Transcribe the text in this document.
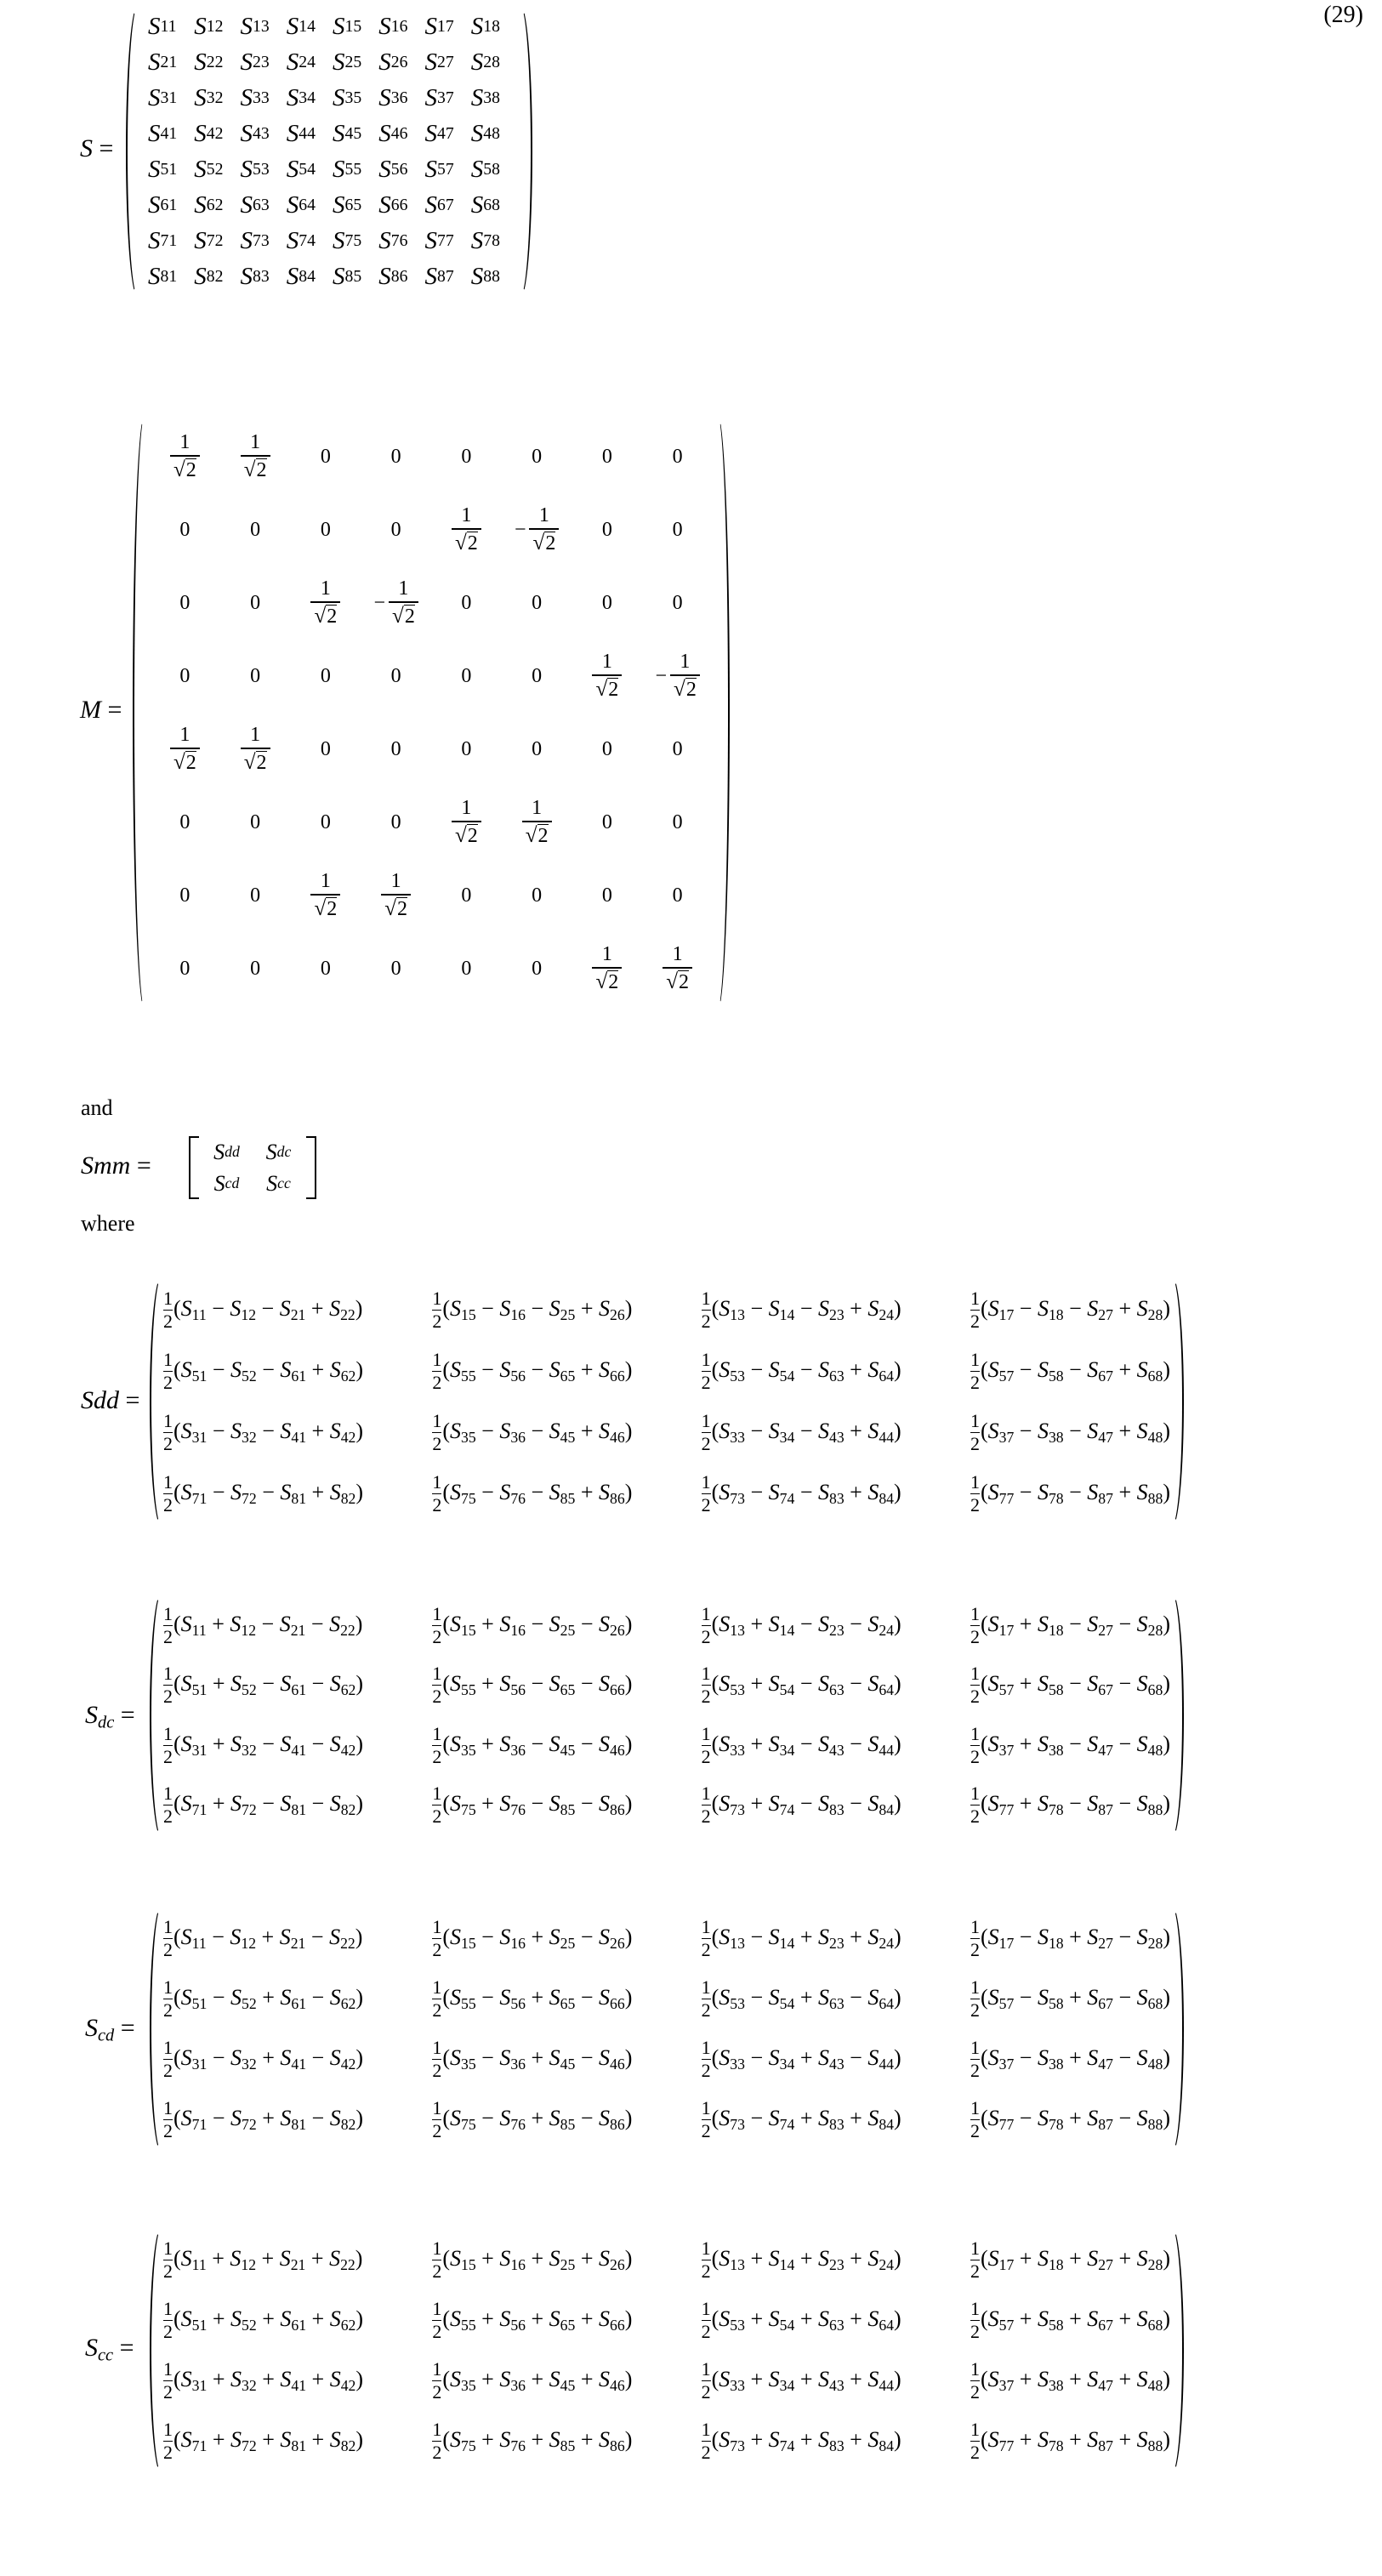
(29)
S =
S 11 S 12 S 13 S 14 S 15 S 16 S 17 S 18
S 21 S 22 S 23 S 24 S 25 S 26 S 27 S 28
S 31 S 32 S 33 S 34 S 35 S 36 S 37 S 38
S 41 S 42 S 43 S 44 S 45 S 46 S 47 S 48
S 51 S 52 S 53 S 54 S 55 S 56 S 57 S 58
S 61 S 62 S 63 S 64 S 65 S 66 S 67 S 68
S 71 S 72 S 73 S 74 S 75 S 76 S 77 S 78
S 81 S 82 S 83 S 84 S 85 S 86 S 87 S 88
M =
1
√2
1
√2
0	0	0	0	0	0
0	0	0	0
1
√2
−
1
√2
0	0
0	0
1
√2
−
1
√2
0	0	0	0
0	0	0	0	0	0
1
√2
−
1
√2
1
√2
1
√2
0	0	0	0	0	0
0	0	0	0
1
√2
1
√2
0	0
0	0
1
√2
1
√2
0	0	0	0
0	0	0	0	0	0
1
√2
1
√2
and
Smm =	S dd S dc
S cd S cc
where
Sdd =
1
2
(S11 − S12 − S21 + S22)	1
2
(S15 − S16 − S25 + S26)	1
2
(S13 − S14 − S23 + S24)	1
2
(S17 − S18 − S27 + S28)
1
2
(S51 − S52 − S61 + S62)	1
2
(S55 − S56 − S65 + S66)	1
2
(S53 − S54 − S63 + S64)	1
2
(S57 − S58 − S67 + S68)
1
2
(S31 − S32 − S41 + S42)	1
2
(S35 − S36 − S45 + S46)	1
2
(S33 − S34 − S43 + S44)	1
2
(S37 − S38 − S47 + S48)
1
2
(S71 − S72 − S81 + S82)	1
2
(S75 − S76 − S85 + S86)	1
2
(S73 − S74 − S83 + S84)	1
2
(S77 − S78 − S87 + S88)
Sdc =
1
2
(S11 + S12 − S21 − S22)	1
2
(S15 + S16 − S25 − S26)	1
2
(S13 + S14 − S23 − S24)	1
2
(S17 + S18 − S27 − S28)
1
2
(S51 + S52 − S61 − S62)	1
2
(S55 + S56 − S65 − S66)	1
2
(S53 + S54 − S63 − S64)	1
2
(S57 + S58 − S67 − S68)
1
2
(S31 + S32 − S41 − S42)	1
2
(S35 + S36 − S45 − S46)	1
2
(S33 + S34 − S43 − S44)	1
2
(S37 + S38 − S47 − S48)
1
2
(S71 + S72 − S81 − S82)	1
2
(S75 + S76 − S85 − S86)	1
2
(S73 + S74 − S83 − S84)	1
2
(S77 + S78 − S87 − S88)
Scd =
1
2
(S11 − S12 + S21 − S22)	1
2
(S15 − S16 + S25 − S26)	1
2
(S13 − S14 + S23 + S24)	1
2
(S17 − S18 + S27 − S28)
1
2
(S51 − S52 + S61 − S62)	1
2
(S55 − S56 + S65 − S66)	1
2
(S53 − S54 + S63 − S64)	1
2
(S57 − S58 + S67 − S68)
1
2
(S31 − S32 + S41 − S42)	1
2
(S35 − S36 + S45 − S46)	1
2
(S33 − S34 + S43 − S44)	1
2
(S37 − S38 + S47 − S48)
1
2
(S71 − S72 + S81 − S82)	1
2
(S75 − S76 + S85 − S86)	1
2
(S73 − S74 + S83 + S84)	1
2
(S77 − S78 + S87 − S88)
Scc =
1
2
(S11 + S12 + S21 + S22)	1
2
(S15 + S16 + S25 + S26)	1
2
(S13 + S14 + S23 + S24)	1
2
(S17 + S18 + S27 + S28)
1
2
(S51 + S52 + S61 + S62)	1
2
(S55 + S56 + S65 + S66)	1
2
(S53 + S54 + S63 + S64)	1
2
(S57 + S58 + S67 + S68)
1
2
(S31 + S32 + S41 + S42)	1
2
(S35 + S36 + S45 + S46)	1
2
(S33 + S34 + S43 + S44)	1
2
(S37 + S38 + S47 + S48)
1
2
(S71 + S72 + S81 + S82)	1
2
(S75 + S76 + S85 + S86)	1
2
(S73 + S74 + S83 + S84)	1
2
(S77 + S78 + S87 + S88)
